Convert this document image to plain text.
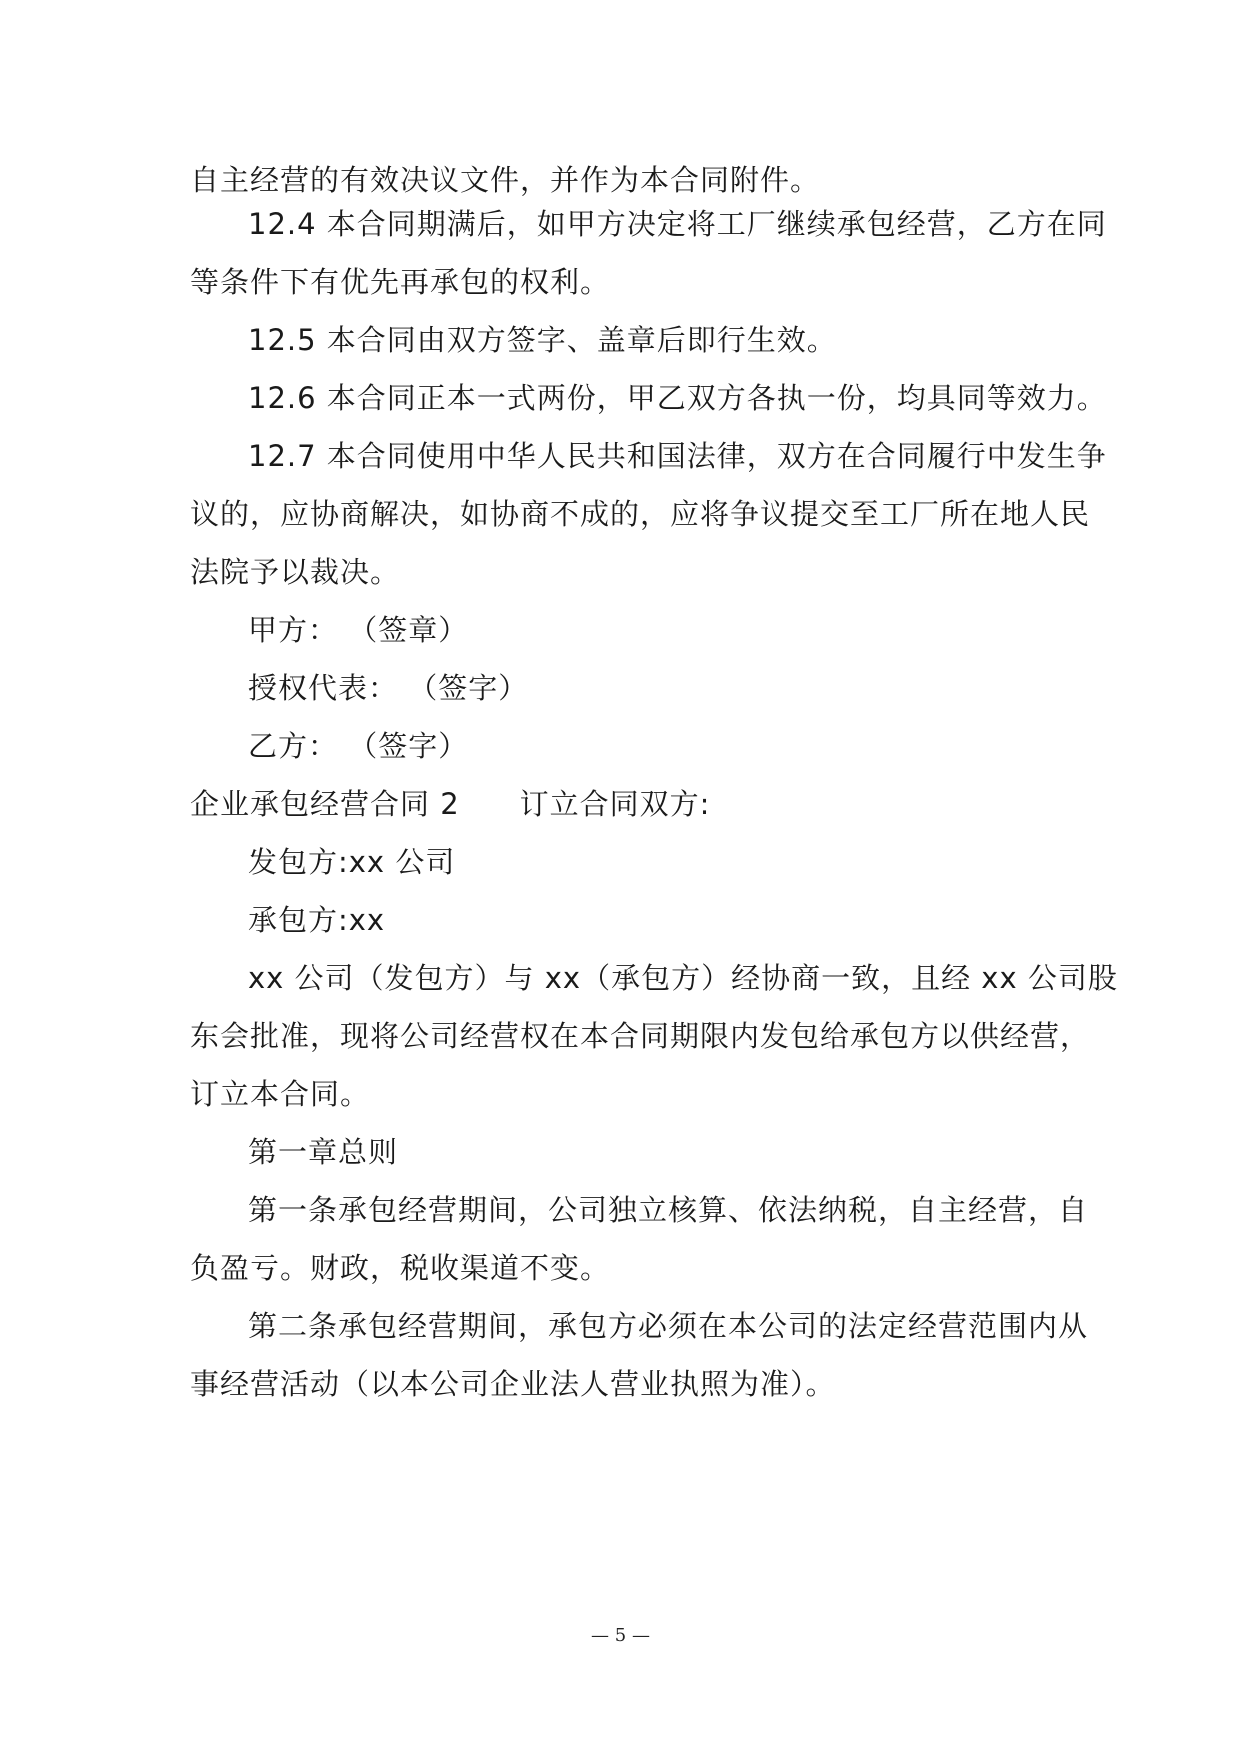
自主经营的有效决议文件，并作为本合同附件。
12.4 本合同期满后，如甲方决定将工厂继续承包经营，乙方在同
等条件下有优先再承包的权利。
12.5 本合同由双方签字、盖章后即行生效。
12.6 本合同正本一式两份，甲乙双方各执一份，均具同等效力。
12.7 本合同使用中华人民共和国法律，双方在合同履行中发生争
议的，应协商解决，如协商不成的，应将争议提交至工厂所在地人民
法院予以裁决。
甲方： （签章）
授权代表： （签字）
乙方： （签字）
企业承包经营合同 2 订立合同双方:
发包方:xx 公司
承包方:xx
xx 公司（发包方）与 xx（承包方）经协商一致，且经 xx 公司股
东会批准，现将公司经营权在本合同期限内发包给承包方以供经营，
订立本合同。
第一章总则
第一条承包经营期间，公司独立核算、依法纳税，自主经营，自
负盈亏。财政，税收渠道不变。
第二条承包经营期间，承包方必须在本公司的法定经营范围内从
事经营活动（以本公司企业法人营业执照为准）。
— 5 —
